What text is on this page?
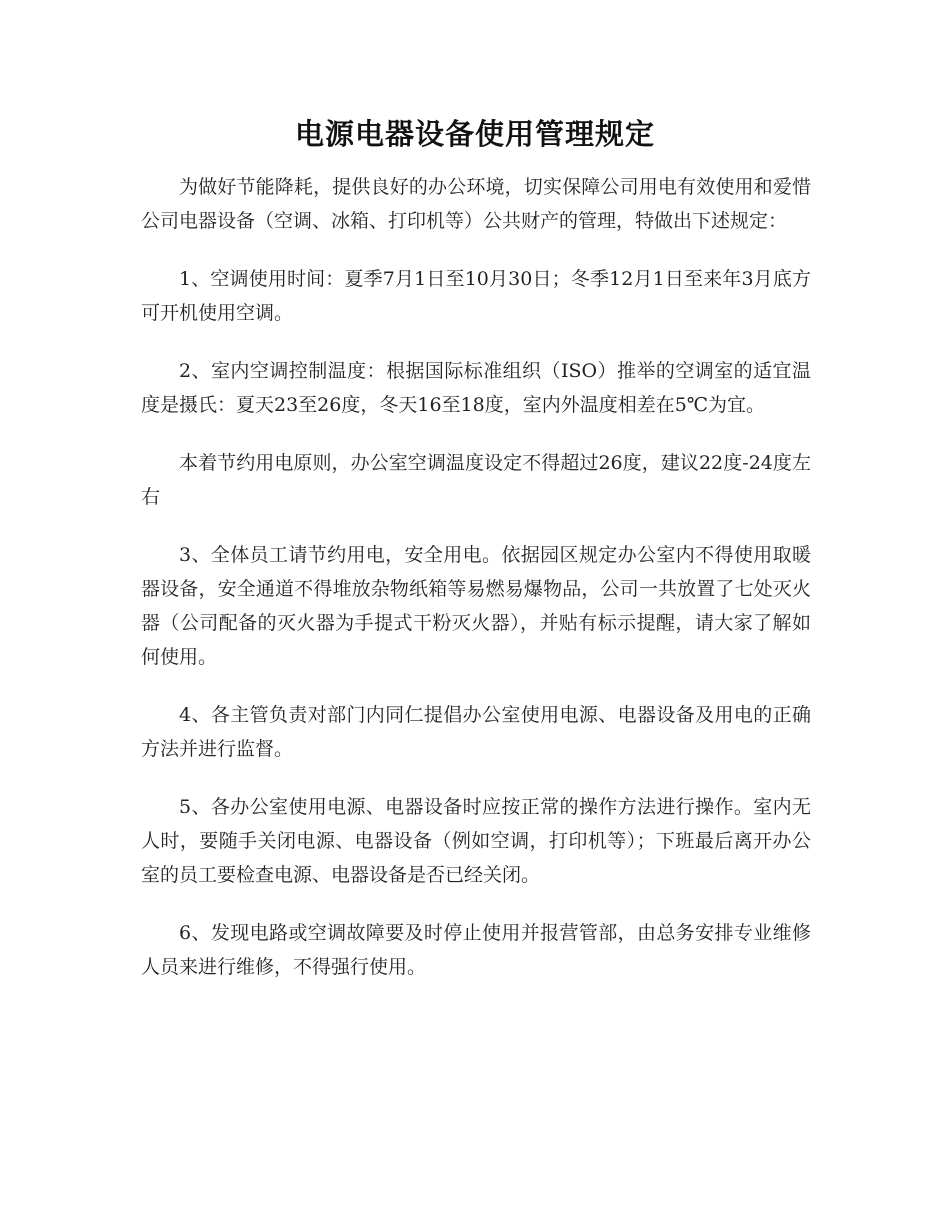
电源电器设备使用管理规定

为做好节能降耗，提供良好的办公环境，切实保障公司用电有效使用和爱惜公司电器设备（空调、冰箱、打印机等）公共财产的管理，特做出下述规定：

1、空调使用时间：夏季7月1日至10月30日；冬季12月1日至来年3月底方可开机使用空调。

2、室内空调控制温度：根据国际标准组织（ISO）推举的空调室的适宜温度是摄氏：夏天23至26度，冬天16至18度，室内外温度相差在5℃为宜。

本着节约用电原则，办公室空调温度设定不得超过26度，建议22度-24度左右

3、全体员工请节约用电，安全用电。依据园区规定办公室内不得使用取暖器设备，安全通道不得堆放杂物纸箱等易燃易爆物品，公司一共放置了七处灭火器（公司配备的灭火器为手提式干粉灭火器），并贴有标示提醒，请大家了解如何使用。

4、各主管负责对部门内同仁提倡办公室使用电源、电器设备及用电的正确方法并进行监督。

5、各办公室使用电源、电器设备时应按正常的操作方法进行操作。室内无人时，要随手关闭电源、电器设备（例如空调，打印机等）；下班最后离开办公室的员工要检查电源、电器设备是否已经关闭。

6、发现电路或空调故障要及时停止使用并报营管部，由总务安排专业维修人员来进行维修，不得强行使用。
